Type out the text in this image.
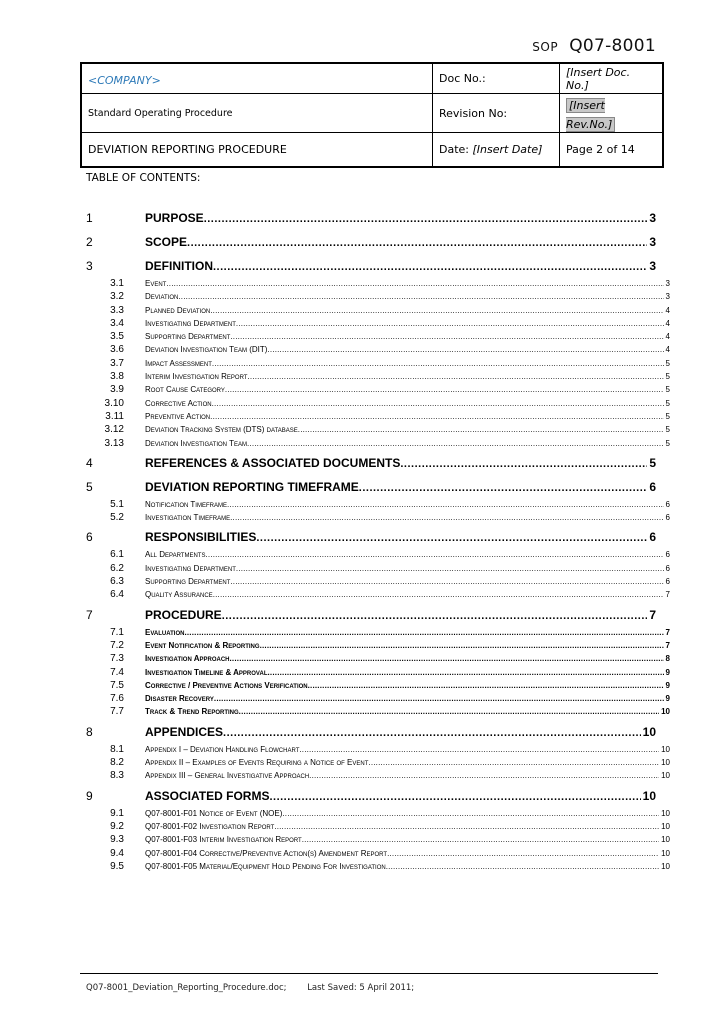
SOP Q07-8001
<COMPANY>	Doc No.:	[Insert Doc. No.]
Standard Operating Procedure	Revision No:	[Insert Rev.No.]
DEVIATION REPORTING PROCEDURE	Date: [Insert Date]	Page 2 of 14
TABLE OF CONTENTS:
1	PURPOSE .....	3
2	SCOPE .....	3
3	DEFINITION .....	3
3.1	Event .....	3
3.2	Deviation .....	3
3.3	Planned Deviation .....	4
3.4	Investigating Department .....	4
3.5	Supporting Department .....	4
3.6	Deviation Investigation Team (DIT) .....	4
3.7	Impact Assessment .....	5
3.8	Interim Investigation Report .....	5
3.9	Root Cause Category .....	5
3.10	Corrective Action .....	5
3.11	Preventive Action .....	5
3.12	Deviation Tracking System (DTS) database .....	5
3.13	Deviation Investigation Team .....	5
4	REFERENCES & ASSOCIATED DOCUMENTS .....	5
5	DEVIATION REPORTING TIMEFRAME .....	6
5.1	Notification Timeframe .....	6
5.2	Investigation Timeframe .....	6
6	RESPONSIBILITIES .....	6
6.1	All Departments .....	6
6.2	Investigating Department .....	6
6.3	Supporting Department .....	6
6.4	Quality Assurance .....	7
7	PROCEDURE .....	7
7.1	Evaluation .....	7
7.2	Event Notification & Reporting .....	7
7.3	Investigation Approach .....	8
7.4	Investigation Timeline & Approval .....	9
7.5	Corrective / Preventive Actions Verification .....	9
7.6	Disaster Recovery .....	9
7.7	Track & Trend Reporting .....	10
8	APPENDICES .....	10
8.1	Appendix I – Deviation Handling Flowchart .....	10
8.2	Appendix II – Examples of Events Requiring a Notice of Event .....	10
8.3	Appendix III – General Investigative Approach .....	10
9	ASSOCIATED FORMS .....	10
9.1	Q07-8001-F01 Notice of Event (NOE) .....	10
9.2	Q07-8001-F02 Investigation Report .....	10
9.3	Q07-8001-F03 Interim Investigation Report .....	10
9.4	Q07-8001-F04 Corrective/Preventive Action(s) Amendment Report .....	10
9.5	Q07-8001-F05 Material/Equipment Hold Pending For Investigation .....	10
Q07-8001_Deviation_Reporting_Procedure.doc; Last Saved: 5 April 2011;
